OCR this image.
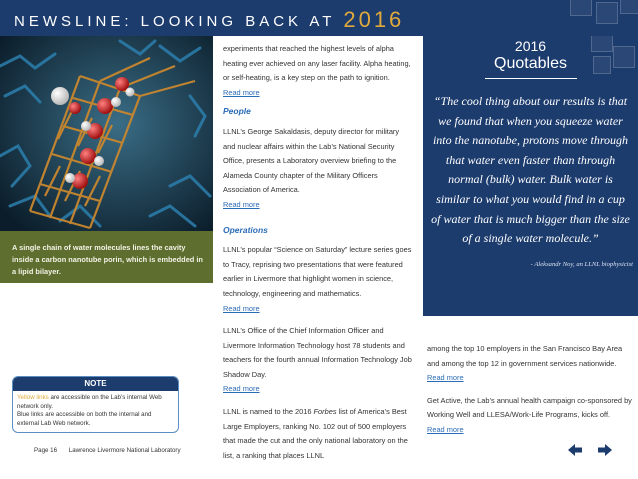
NEWSLINE: LOOKING BACK AT 2016
A single chain of water molecules lines the cavity inside a carbon nanotube porin, which is embedded in a lipid bilayer.
NOTE
Yellow links are accessible on the Lab’s internal Web network only.
Blue links are accessible on both the internal and external Lab Web network.
Page 16 Lawrence Livermore National Laboratory

experiments that reached the highest levels of alpha heating ever achieved on any laser facility. Alpha heating, or self-heating, is a key step on the path to ignition.

Read more
People

LLNL’s George Sakaldasis, deputy director for military and nuclear affairs within the Lab’s National Security Office, presents a Laboratory overview briefing to the Alameda County chapter of the Military Officers Association of America.

Read more
Operations

LLNL’s popular “Science on Saturday” lecture series goes to Tracy, reprising two presentations that were featured earlier in Livermore that highlight women in science, technology, engineering and mathematics.

Read more

LLNL’s Office of the Chief Information Officer and Livermore Information Technology host 78 students and teachers for the fourth annual Information Technology Job Shadow Day.

Read more

LLNL is named to the 2016 Forbes list of America’s Best Large Employers, ranking No. 102 out of 500 employers that made the cut and the only national laboratory on the list, a ranking that places LLNL

2016
Quotables
“The cool thing about our results is that we found that when you squeeze water into the nanotube, protons move through that water even faster than through normal (bulk) water. Bulk water is similar to what you would find in a cup of water that is much bigger than the size of a single water molecule.”
- Aleksandr Noy, an LLNL biophysicist

among the top 10 employers in the San Francisco Bay Area and among the top 12 in government services nationwide.

Read more

Get Active, the Lab’s annual health campaign co-sponsored by Working Well and LLESA/Work-Life Programs, kicks off.

Read more
